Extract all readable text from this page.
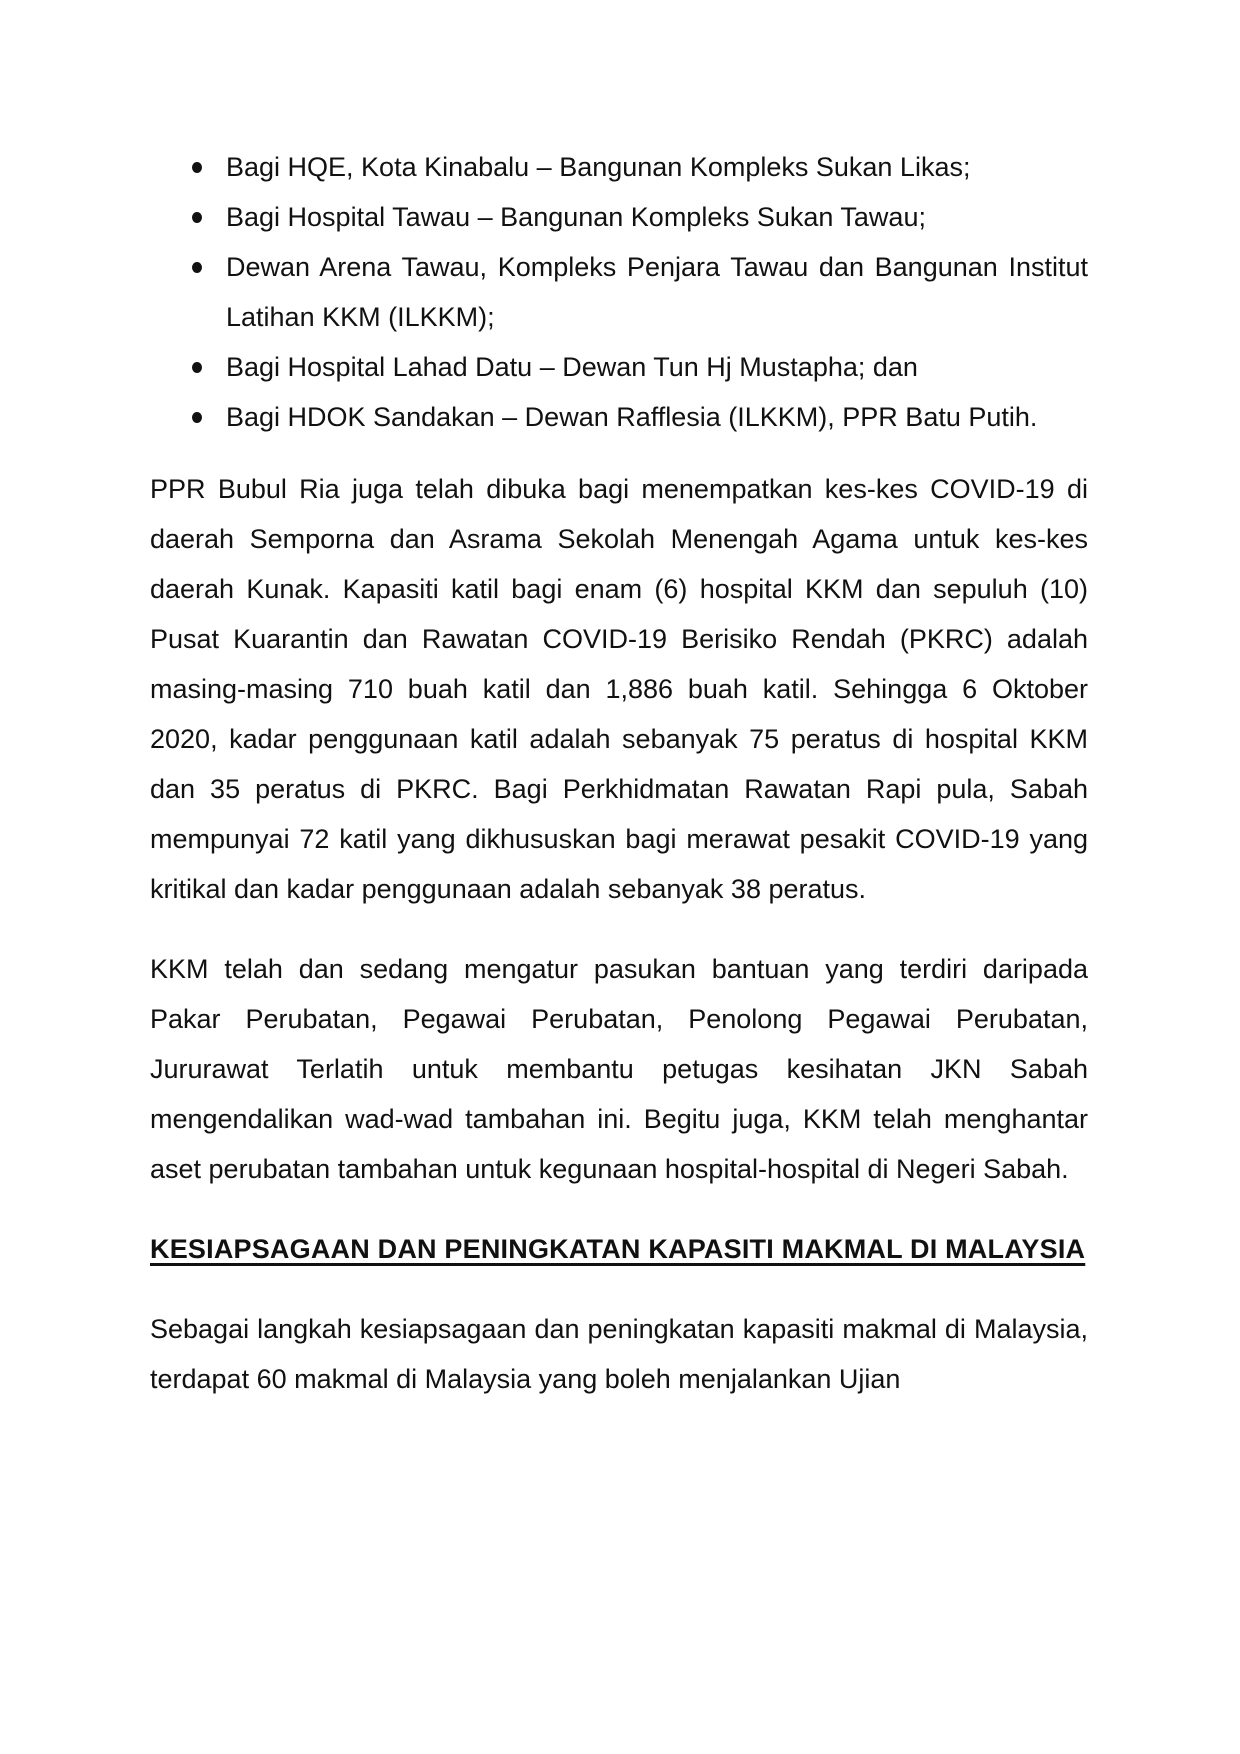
Bagi HQE, Kota Kinabalu – Bangunan Kompleks Sukan Likas;
Bagi Hospital Tawau – Bangunan Kompleks Sukan Tawau;
Dewan Arena Tawau, Kompleks Penjara Tawau dan Bangunan Institut Latihan KKM (ILKKM);
Bagi Hospital Lahad Datu – Dewan Tun Hj Mustapha; dan
Bagi HDOK Sandakan – Dewan Rafflesia (ILKKM), PPR Batu Putih.

PPR Bubul Ria juga telah dibuka bagi menempatkan kes-kes COVID-19 di daerah Semporna dan Asrama Sekolah Menengah Agama untuk kes-kes daerah Kunak. Kapasiti katil bagi enam (6) hospital KKM dan sepuluh (10) Pusat Kuarantin dan Rawatan COVID-19 Berisiko Rendah (PKRC) adalah masing-masing 710 buah katil dan 1,886 buah katil. Sehingga 6 Oktober 2020, kadar penggunaan katil adalah sebanyak 75 peratus di hospital KKM dan 35 peratus di PKRC. Bagi Perkhidmatan Rawatan Rapi pula, Sabah mempunyai 72 katil yang dikhususkan bagi merawat pesakit COVID-19 yang kritikal dan kadar penggunaan adalah sebanyak 38 peratus.

KKM telah dan sedang mengatur pasukan bantuan yang terdiri daripada Pakar Perubatan, Pegawai Perubatan, Penolong Pegawai Perubatan, Jururawat Terlatih untuk membantu petugas kesihatan JKN Sabah mengendalikan wad-wad tambahan ini. Begitu juga, KKM telah menghantar aset perubatan tambahan untuk kegunaan hospital-hospital di Negeri Sabah.

KESIAPSAGAAN DAN PENINGKATAN KAPASITI MAKMAL DI MALAYSIA

Sebagai langkah kesiapsagaan dan peningkatan kapasiti makmal di Malaysia, terdapat 60 makmal di Malaysia yang boleh menjalankan Ujian
